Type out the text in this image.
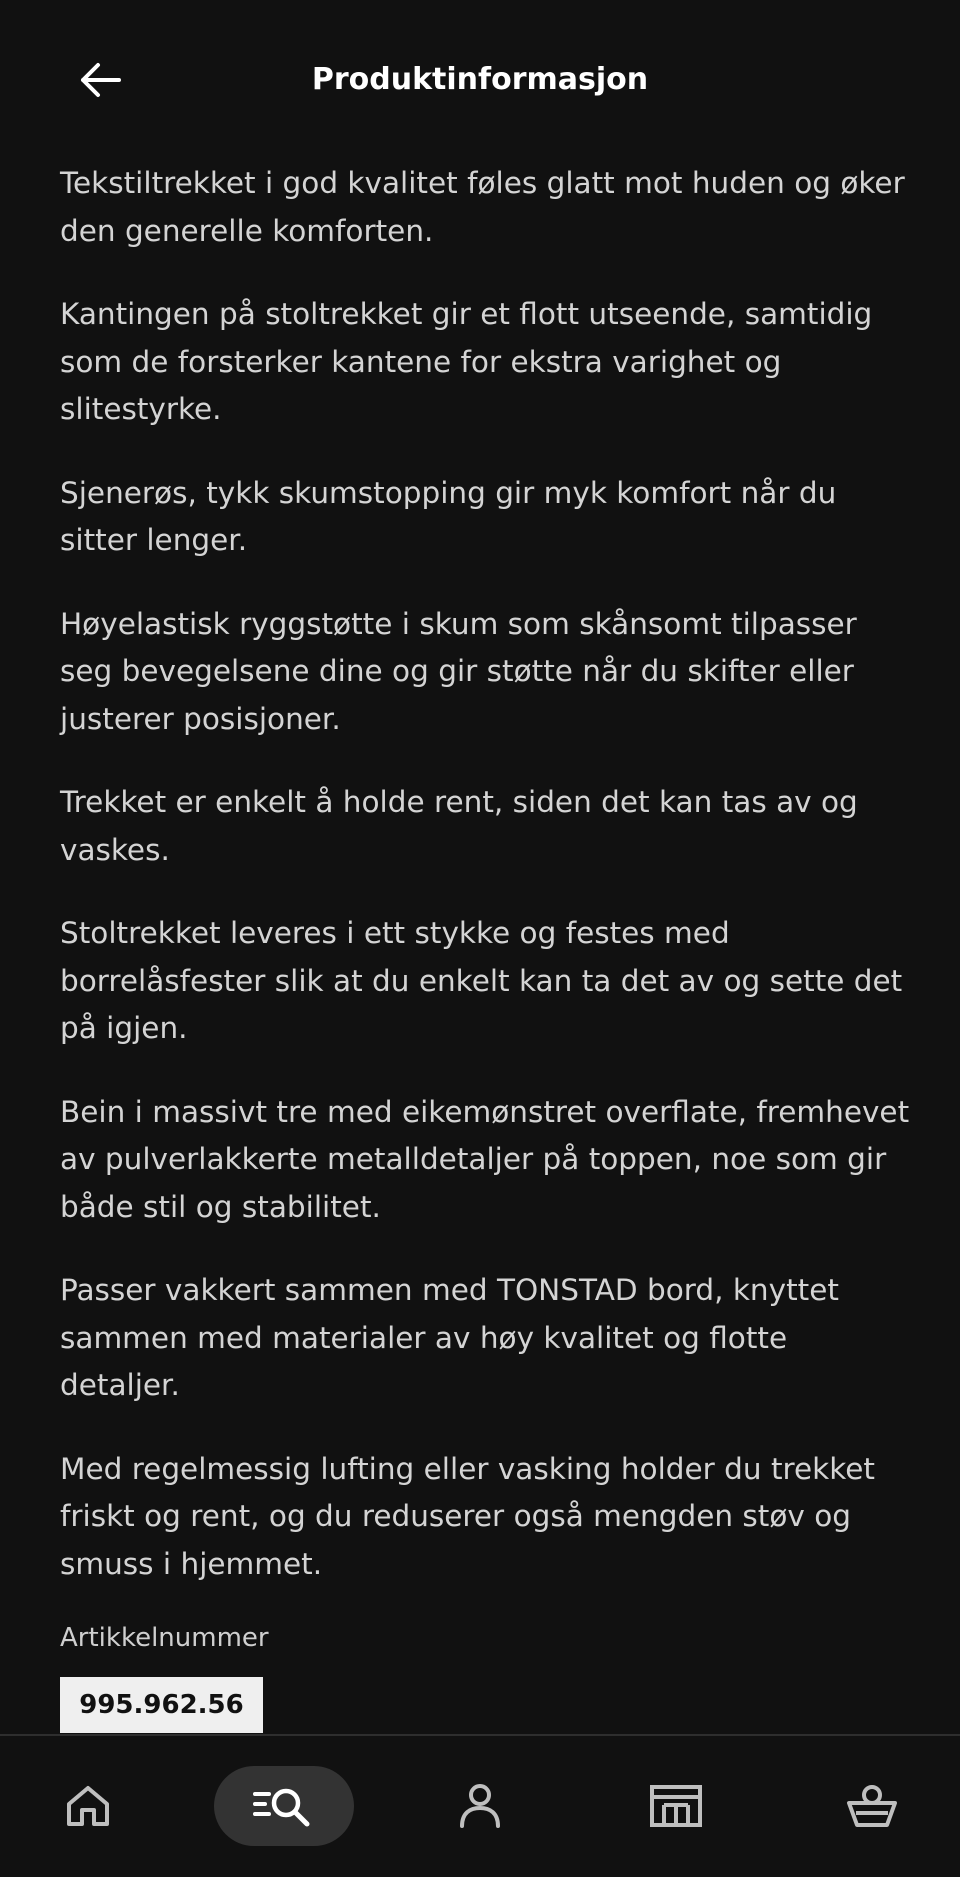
Produktinformasjon

Tekstiltrekket i god kvalitet føles glatt mot huden og øker den generelle komforten.

Kantingen på stoltrekket gir et flott utseende, samtidig som de forsterker kantene for ekstra varighet og slitestyrke.

Sjenerøs, tykk skumstopping gir myk komfort når du sitter lenger.

Høyelastisk ryggstøtte i skum som skånsomt tilpasser seg bevegelsene dine og gir støtte når du skifter eller justerer posisjoner.

Trekket er enkelt å holde rent, siden det kan tas av og vaskes.

Stoltrekket leveres i ett stykke og festes med borrelåsfester slik at du enkelt kan ta det av og sette det på igjen.

Bein i massivt tre med eikemønstret overflate, fremhevet av pulverlakkerte metalldetaljer på toppen, noe som gir både stil og stabilitet.

Passer vakkert sammen med TONSTAD bord, knyttet sammen med materialer av høy kvalitet og flotte detaljer.

Med regelmessig lufting eller vasking holder du trekket friskt og rent, og du reduserer også mengden støv og smuss i hjemmet.

Artikkelnummer
995.962.56
